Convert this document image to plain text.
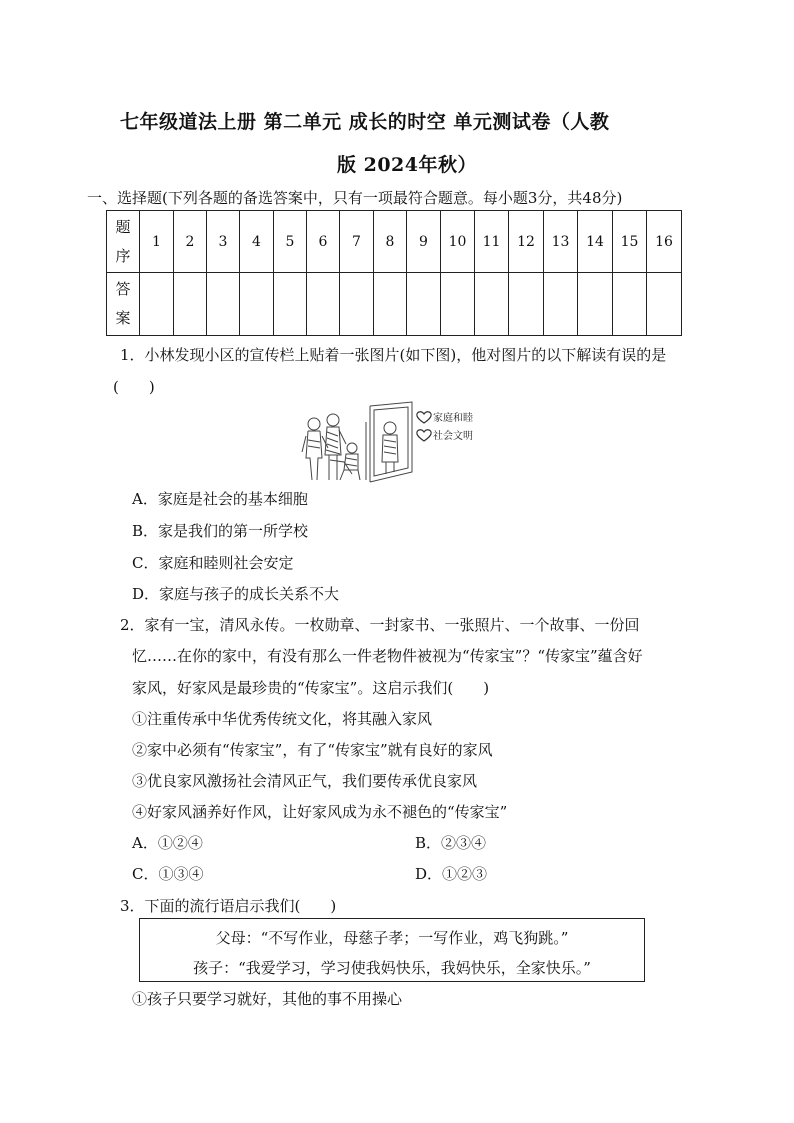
七年级道法上册 第二单元 成长的时空 单元测试卷（人教
版 2024年秋）
一、选择题(下列各题的备选答案中，只有一项最符合题意。每小题3分，共48分)
题
序	1	2	3	4	5	6	7	8	9	10	11	12	13	14	15	16

答
案																

1．小林发现小区的宣传栏上贴着一张图片(如下图)，他对图片的以下解读有误的是
(　　)
家庭和睦
社会文明
A．家庭是社会的基本细胞
B．家是我们的第一所学校
C．家庭和睦则社会安定
D．家庭与孩子的成长关系不大
2．家有一宝，清风永传。一枚勋章、一封家书、一张照片、一个故事、一份回
忆……在你的家中，有没有那么一件老物件被视为“传家宝”？“传家宝”蕴含好
家风，好家风是最珍贵的“传家宝”。这启示我们(　　)
①注重传承中华优秀传统文化，将其融入家风
②家中必须有“传家宝”，有了“传家宝”就有良好的家风
③优良家风激扬社会清风正气，我们要传承优良家风
④好家风涵养好作风，让好家风成为永不褪色的“传家宝”
A．①②④	B．②③④
C．①③④	D．①②③
3．下面的流行语启示我们(　　)
父母：“不写作业，母慈子孝；一写作业，鸡飞狗跳。”
孩子：“我爱学习，学习使我妈快乐，我妈快乐，全家快乐。”
①孩子只要学习就好，其他的事不用操心
